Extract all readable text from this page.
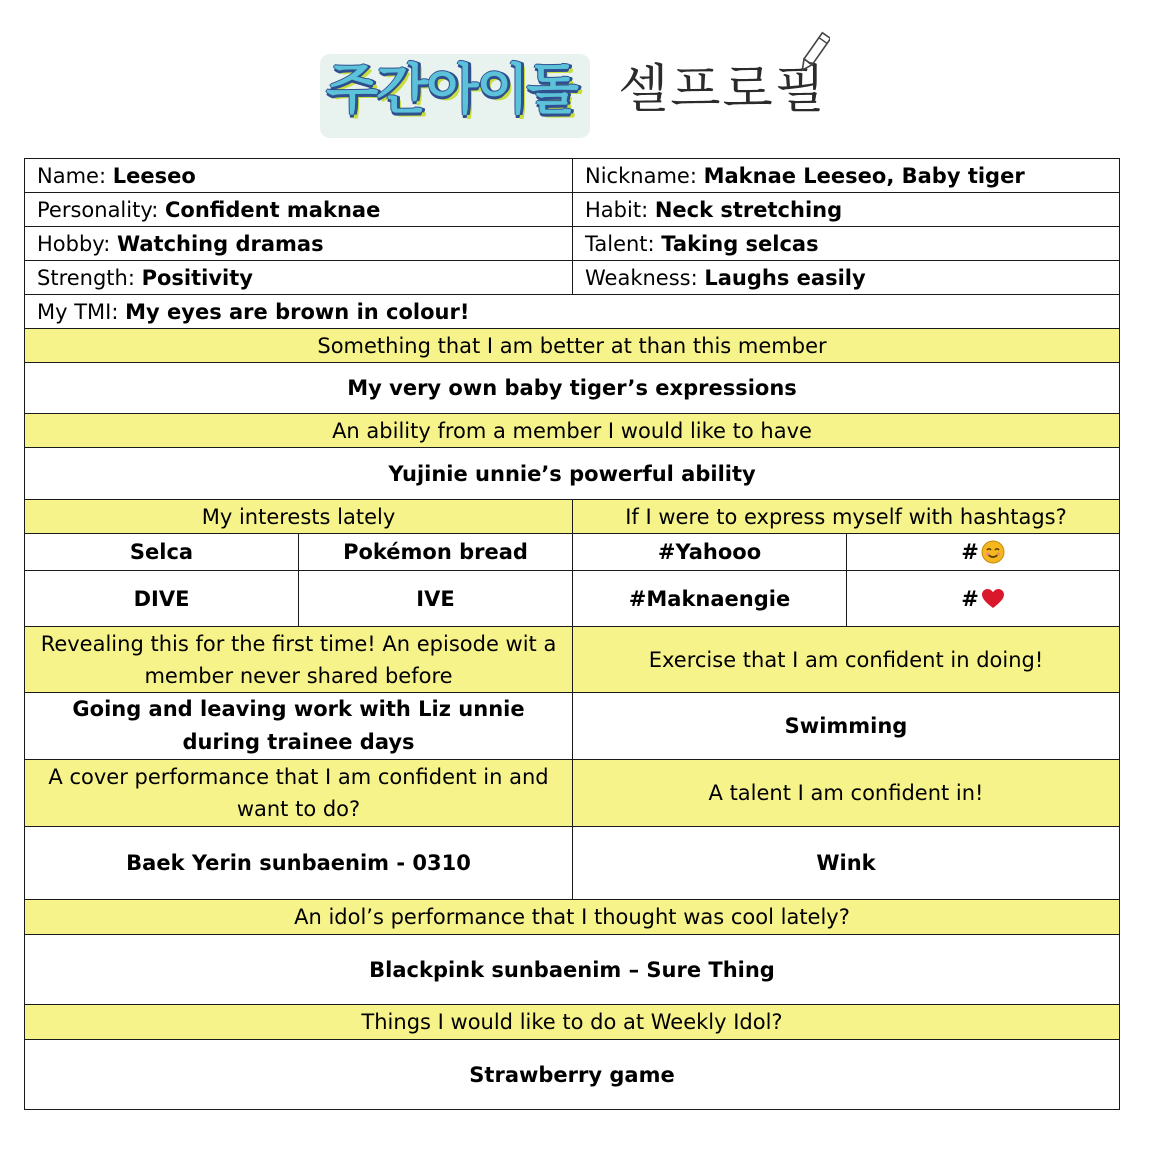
주간아이돌 셀프로필
Name: Leeseo		Nickname: Maknae Leeseo, Baby tiger	
Personality: Confident maknae		Habit: Neck stretching	
Hobby: Watching dramas		Talent: Taking selcas	
Strength: Positivity		Weakness: Laughs easily	
My TMI: My eyes are brown in colour!			
Something that I am better at than this member			
My very own baby tiger’s expressions			
An ability from a member I would like to have			
Yujinie unnie’s powerful ability			
My interests lately		If I were to express myself with hashtags?	
Selca	Pokémon bread	#Yahooo	#
DIVE	IVE	#Maknaengie	#
Revealing this for the first time! An episode wit a member never shared before		Exercise that I am confident in doing!	
Going and leaving work with Liz unnie during trainee days		Swimming	
A cover performance that I am confident in and want to do?		A talent I am confident in!	
Baek Yerin sunbaenim - 0310		Wink	
An idol’s performance that I thought was cool lately?			
Blackpink sunbaenim – Sure Thing			
Things I would like to do at Weekly Idol?			
Strawberry game			
